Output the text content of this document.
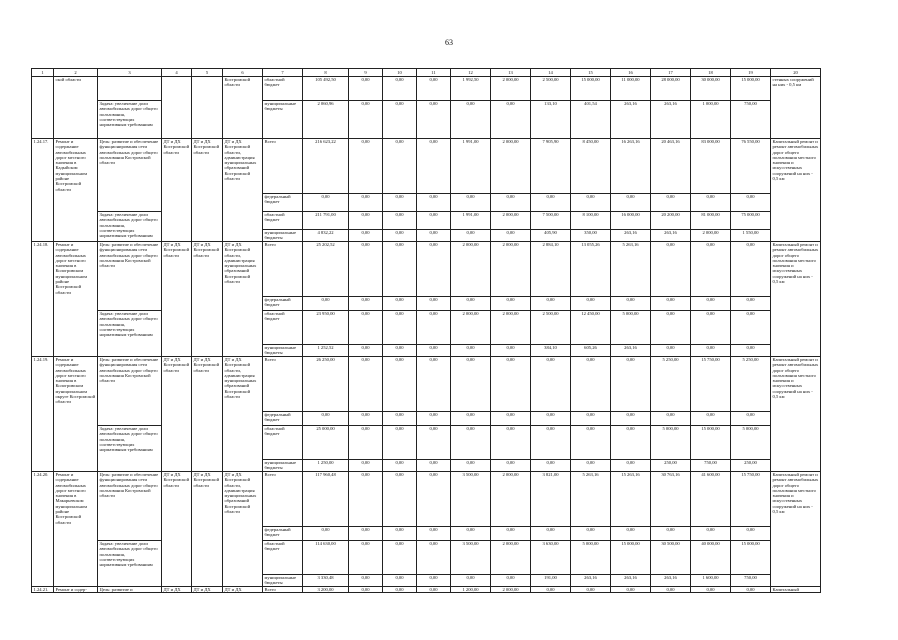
63
1	2	3	4	5	6	7	8	9	10	11	12	13	14	15	16	17	18	19	20
	ской области				Костромской области	областной бюджет	105 492,50	0,00	0,00	0,00	1 992,50	2 000,00	2 500,00	15 000,00	11 000,00	28 000,00	30 000,00	15 000,00	стенных сооружений на них - 0,5 км
		Задача: увеличение доли автомобильных дорог общего пользования, соответствующих нормативным требованиям				муниципальные бюджеты	2 060,96	0,00	0,00	0,00	0,00	0,00	133,10	401,54	263,16	263,16	1 000,00	750,00	
1.24.17.	Ремонт и содержание автомобильных дорог местного значения в Кадыйском муниципальном районе Костромской области	Цель: развитие и обеспечение функционирования сети автомобильных дорог общего пользования Костромской области	ДТ и ДХ Костромской области	ДТ и ДХ Костромской области	ДТ и ДХ Костромской области, администрация муниципальных образований Костромской области	Всего	216 623,22	0,00	0,00	0,00	1 991,00	2 000,00	7 905,90	8 450,00	16 263,16	20 463,16	83 000,00	76 550,00	Капитальный ремонт и ремонт автомобильных дорог общего пользования местного значения и искусственных сооружений на них - 0,5 км
						федеральный бюджет	0,00	0,00	0,00	0,00	0,00	0,00	0,00	0,00	0,00	0,00	0,00	0,00	
		Задача: увеличение доли автомобильных дорог общего пользования, соответствующих нормативным требованиям				областной бюджет	211 791,00	0,00	0,00	0,00	1 991,00	2 000,00	7 500,00	8 100,00	16 000,00	20 200,00	81 000,00	75 000,00	
						муниципальные бюджеты	4 832,22	0,00	0,00	0,00	0,00	0,00	405,90	350,00	263,16	263,16	2 000,00	1 550,00	
1.24.18.	Ремонт и содержание автомобильных дорог местного значения в Кологривском муниципальном районе Костромской области	Цель: развитие и обеспечение функционирования сети автомобильных дорог общего пользования Костромской области	ДТ и ДХ Костромской области	ДТ и ДХ Костромской области	ДТ и ДХ Костромской области, администрация муниципальных образований Костромской области	Всего	25 202,52	0,00	0,00	0,00	2 000,00	2 000,00	2 884,10	13 055,26	5 263,16	0,00	0,00	0,00	Капитальный ремонт и ремонт автомобильных дорог общего пользования местного значения и искусственных сооружений на них - 0,5 км
						федеральный бюджет	0,00	0,00	0,00	0,00	0,00	0,00	0,00	0,00	0,00	0,00	0,00	0,00	
		Задача: увеличение доли автомобильных дорог общего пользования, соответствующих нормативным требованиям				областной бюджет	23 950,00	0,00	0,00	0,00	2 000,00	2 000,00	2 500,00	12 450,00	5 000,00	0,00	0,00	0,00	
						муниципальные бюджеты	1 252,52	0,00	0,00	0,00	0,00	0,00	384,10	605,26	263,16	0,00	0,00	0,00	
1.24.19.	Ремонт и содержание автомобильных дорог местного значения в Кологривском муниципальном округе Костромской области	Цель: развитие и обеспечение функционирования сети автомобильных дорог общего пользования Костромской области	ДТ и ДХ Костромской области	ДТ и ДХ Костромской области	ДТ и ДХ Костромской области, администрация муниципальных образований Костромской области	Всего	26 250,00	0,00	0,00	0,00	0,00	0,00	0,00	0,00	0,00	5 250,00	15 750,00	5 250,00	Капитальный ремонт и ремонт автомобильных дорог общего пользования местного значения и искусственных сооружений на них - 0,5 км
						федеральный бюджет	0,00	0,00	0,00	0,00	0,00	0,00	0,00	0,00	0,00	0,00	0,00	0,00	
		Задача: увеличение доли автомобильных дорог общего пользования, соответствующих нормативным требованиям				областной бюджет	25 000,00	0,00	0,00	0,00	0,00	0,00	0,00	0,00	0,00	5 000,00	15 000,00	5 000,00	
						муниципальные бюджеты	1 250,00	0,00	0,00	0,00	0,00	0,00	0,00	0,00	0,00	250,00	750,00	250,00	
1.24.20.	Ремонт и содержание автомобильных дорог местного значения в Макарьевском муниципальном районе Костромской области	Цель: развитие и обеспечение функционирования сети автомобильных дорог общего пользования Костромской области	ДТ и ДХ Костромской области	ДТ и ДХ Костромской области	ДТ и ДХ Костромской области, администрация муниципальных образований Костромской области	Всего	117 960,48	0,00	0,00	0,00	3 500,00	2 000,00	3 821,00	5 263,16	15 263,16	30 763,16	41 600,00	15 750,00	Капитальный ремонт и ремонт автомобильных дорог общего пользования местного значения и искусственных сооружений на них - 0,5 км
						федеральный бюджет	0,00	0,00	0,00	0,00	0,00	0,00	0,00	0,00	0,00	0,00	0,00	0,00	
		Задача: увеличение доли автомобильных дорог общего пользования, соответствующих нормативным требованиям				областной бюджет	114 630,00	0,00	0,00	0,00	3 500,00	2 000,00	3 630,00	5 000,00	15 000,00	30 500,00	40 000,00	15 000,00	
						муниципальные бюджеты	3 330,48	0,00	0,00	0,00	0,00	0,00	191,00	263,16	263,16	263,16	1 600,00	750,00	
1.24.21.	Ремонт и содер-	Цель: развитие и	ДТ и ДХ	ДТ и ДХ	ДТ и ДХ	Всего	3 200,00	0,00	0,00	0,00	1 200,00	2 000,00	0,00	0,00	0,00	0,00	0,00	0,00	Капитальный
